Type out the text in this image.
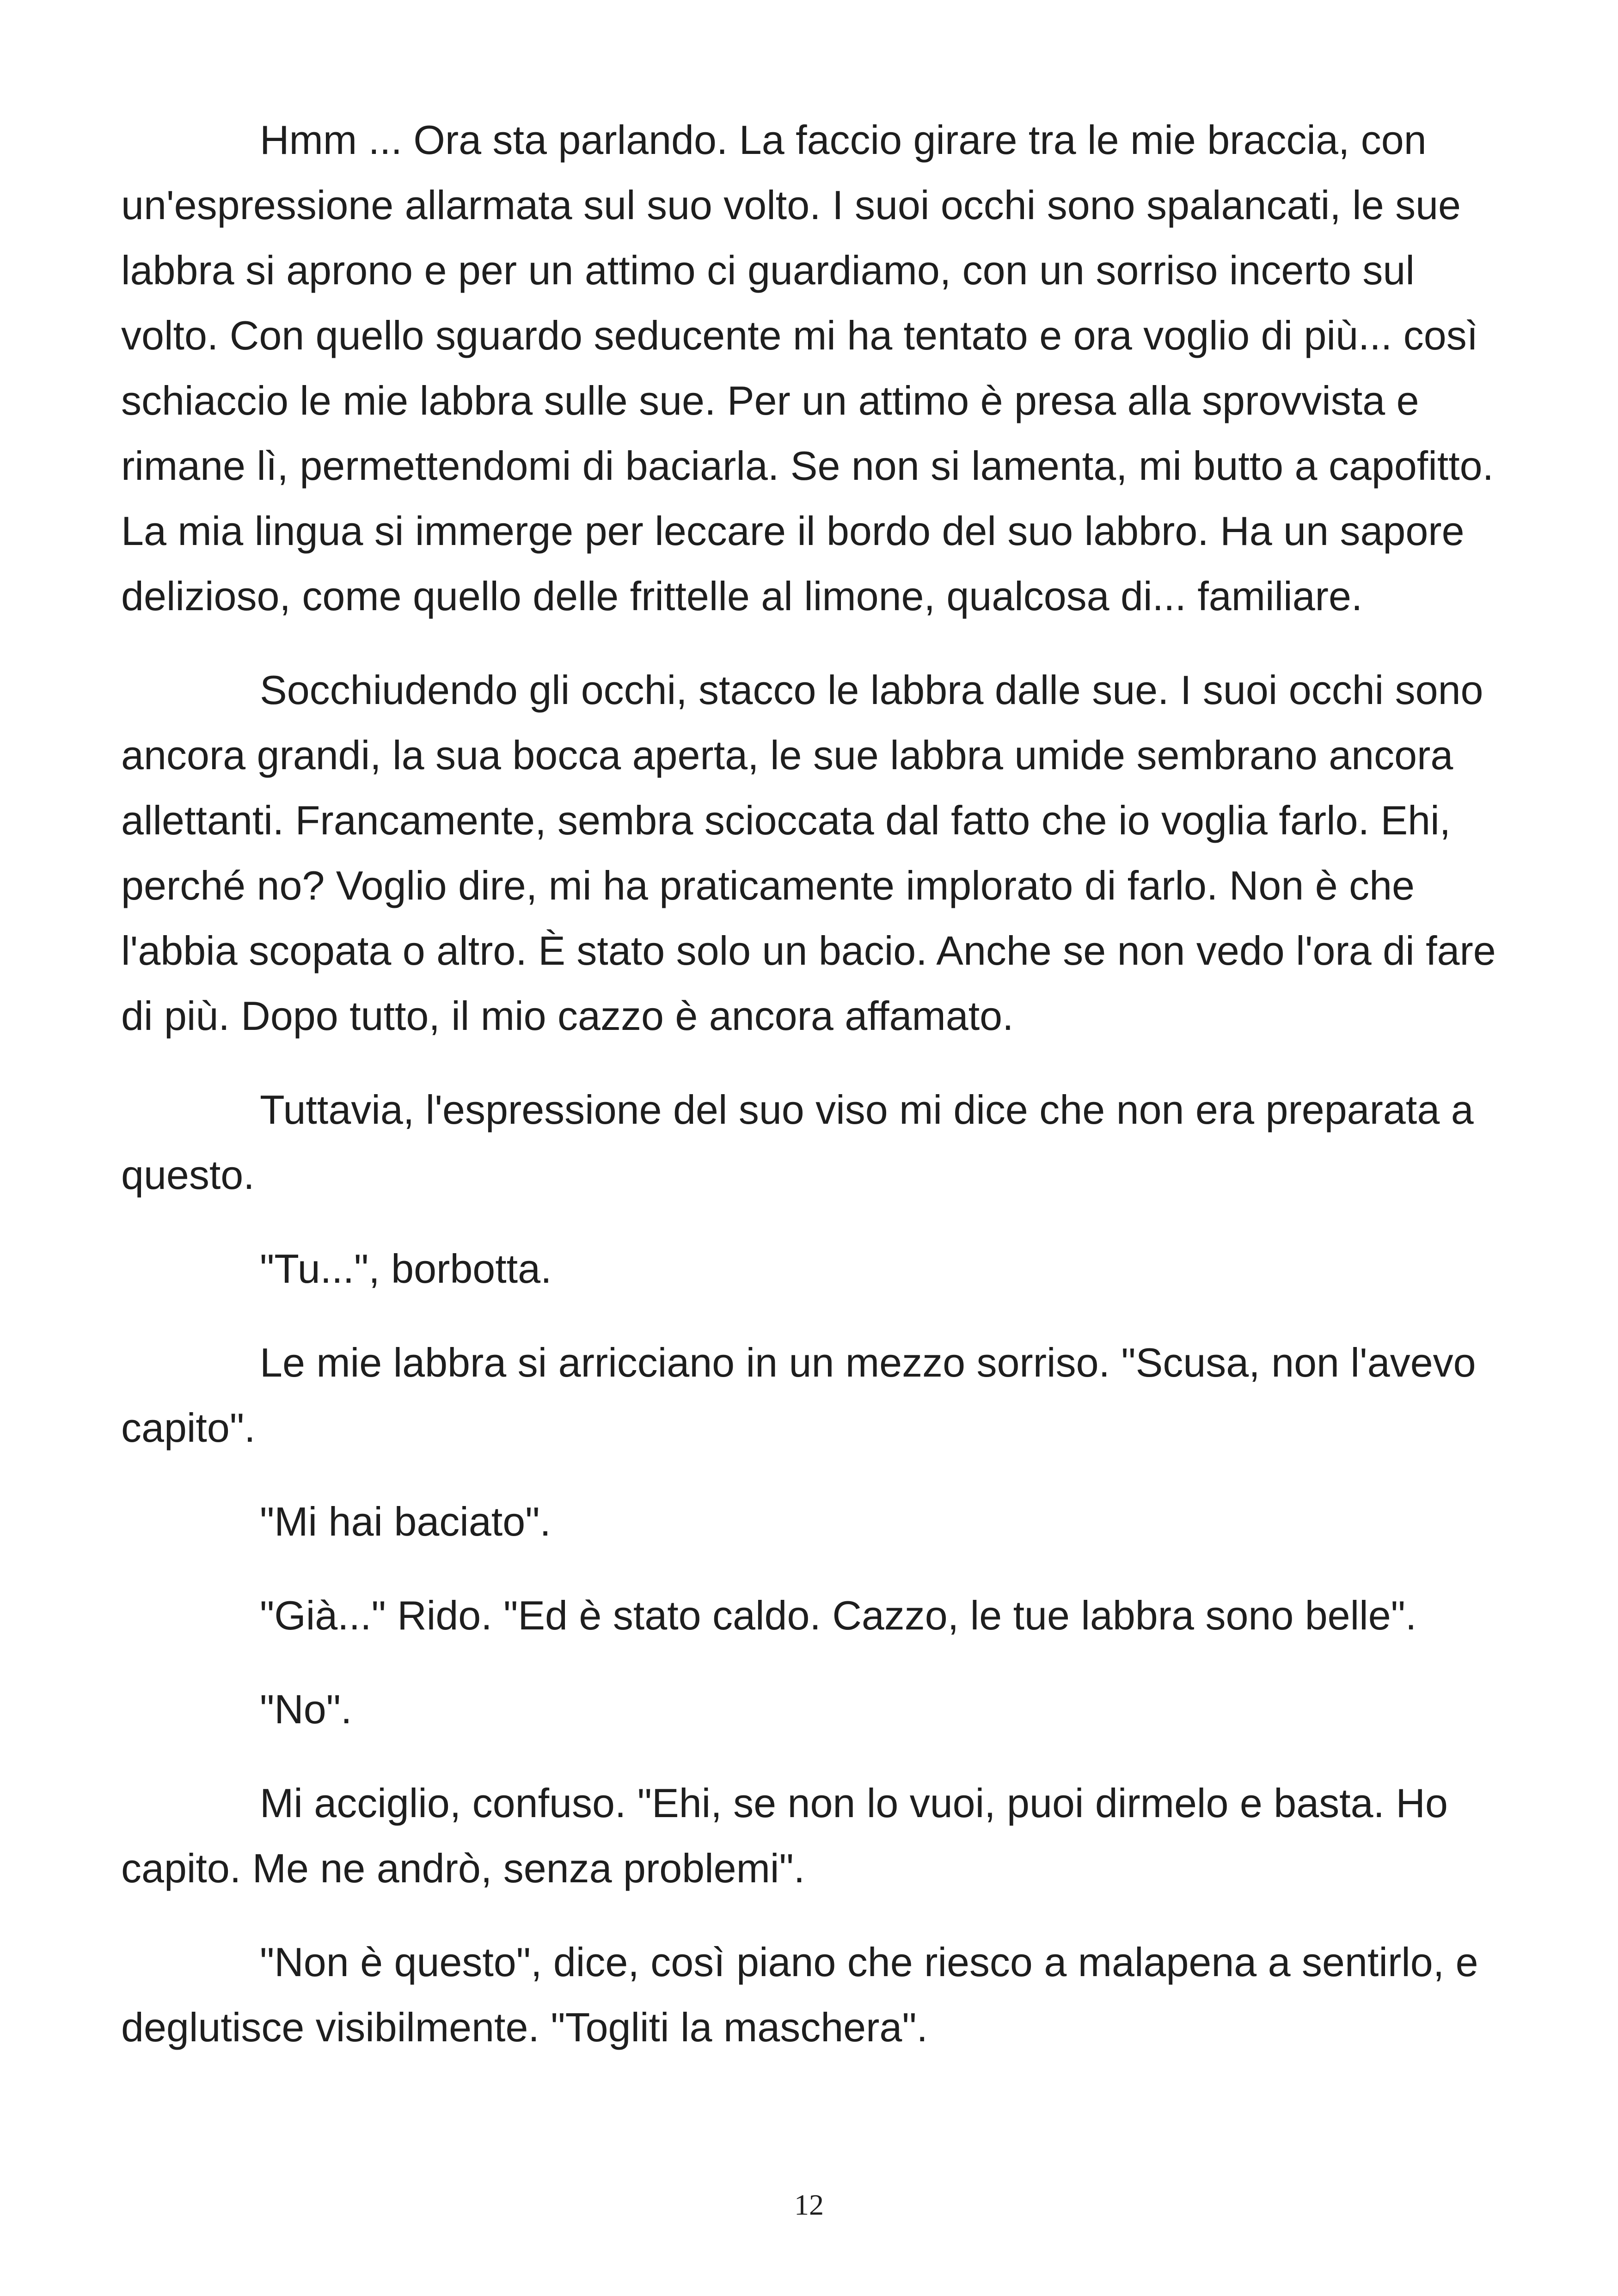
Hmm ... Ora sta parlando. La faccio girare tra le mie braccia, con un'espressione allarmata sul suo volto. I suoi occhi sono spalancati, le sue labbra si aprono e per un attimo ci guardiamo, con un sorriso incerto sul volto. Con quello sguardo seducente mi ha tentato e ora voglio di più... così schiaccio le mie labbra sulle sue. Per un attimo è presa alla sprovvista e rimane lì, permettendomi di baciarla. Se non si lamenta, mi butto a capofitto. La mia lingua si immerge per leccare il bordo del suo labbro. Ha un sapore delizioso, come quello delle frittelle al limone, qualcosa di... familiare.

Socchiudendo gli occhi, stacco le labbra dalle sue. I suoi occhi sono ancora grandi, la sua bocca aperta, le sue labbra umide sembrano ancora allettanti. Francamente, sembra scioccata dal fatto che io voglia farlo. Ehi, perché no? Voglio dire, mi ha praticamente implorato di farlo. Non è che l'abbia scopata o altro. È stato solo un bacio. Anche se non vedo l'ora di fare di più. Dopo tutto, il mio cazzo è ancora affamato.

Tuttavia, l'espressione del suo viso mi dice che non era preparata a questo.

"Tu...", borbotta.

Le mie labbra si arricciano in un mezzo sorriso. "Scusa, non l'avevo capito".

"Mi hai baciato".

"Già..." Rido. "Ed è stato caldo. Cazzo, le tue labbra sono belle".

"No".

Mi acciglio, confuso. "Ehi, se non lo vuoi, puoi dirmelo e basta. Ho capito. Me ne andrò, senza problemi".

"Non è questo", dice, così piano che riesco a malapena a sentirlo, e deglutisce visibilmente. "Togliti la maschera".

12
